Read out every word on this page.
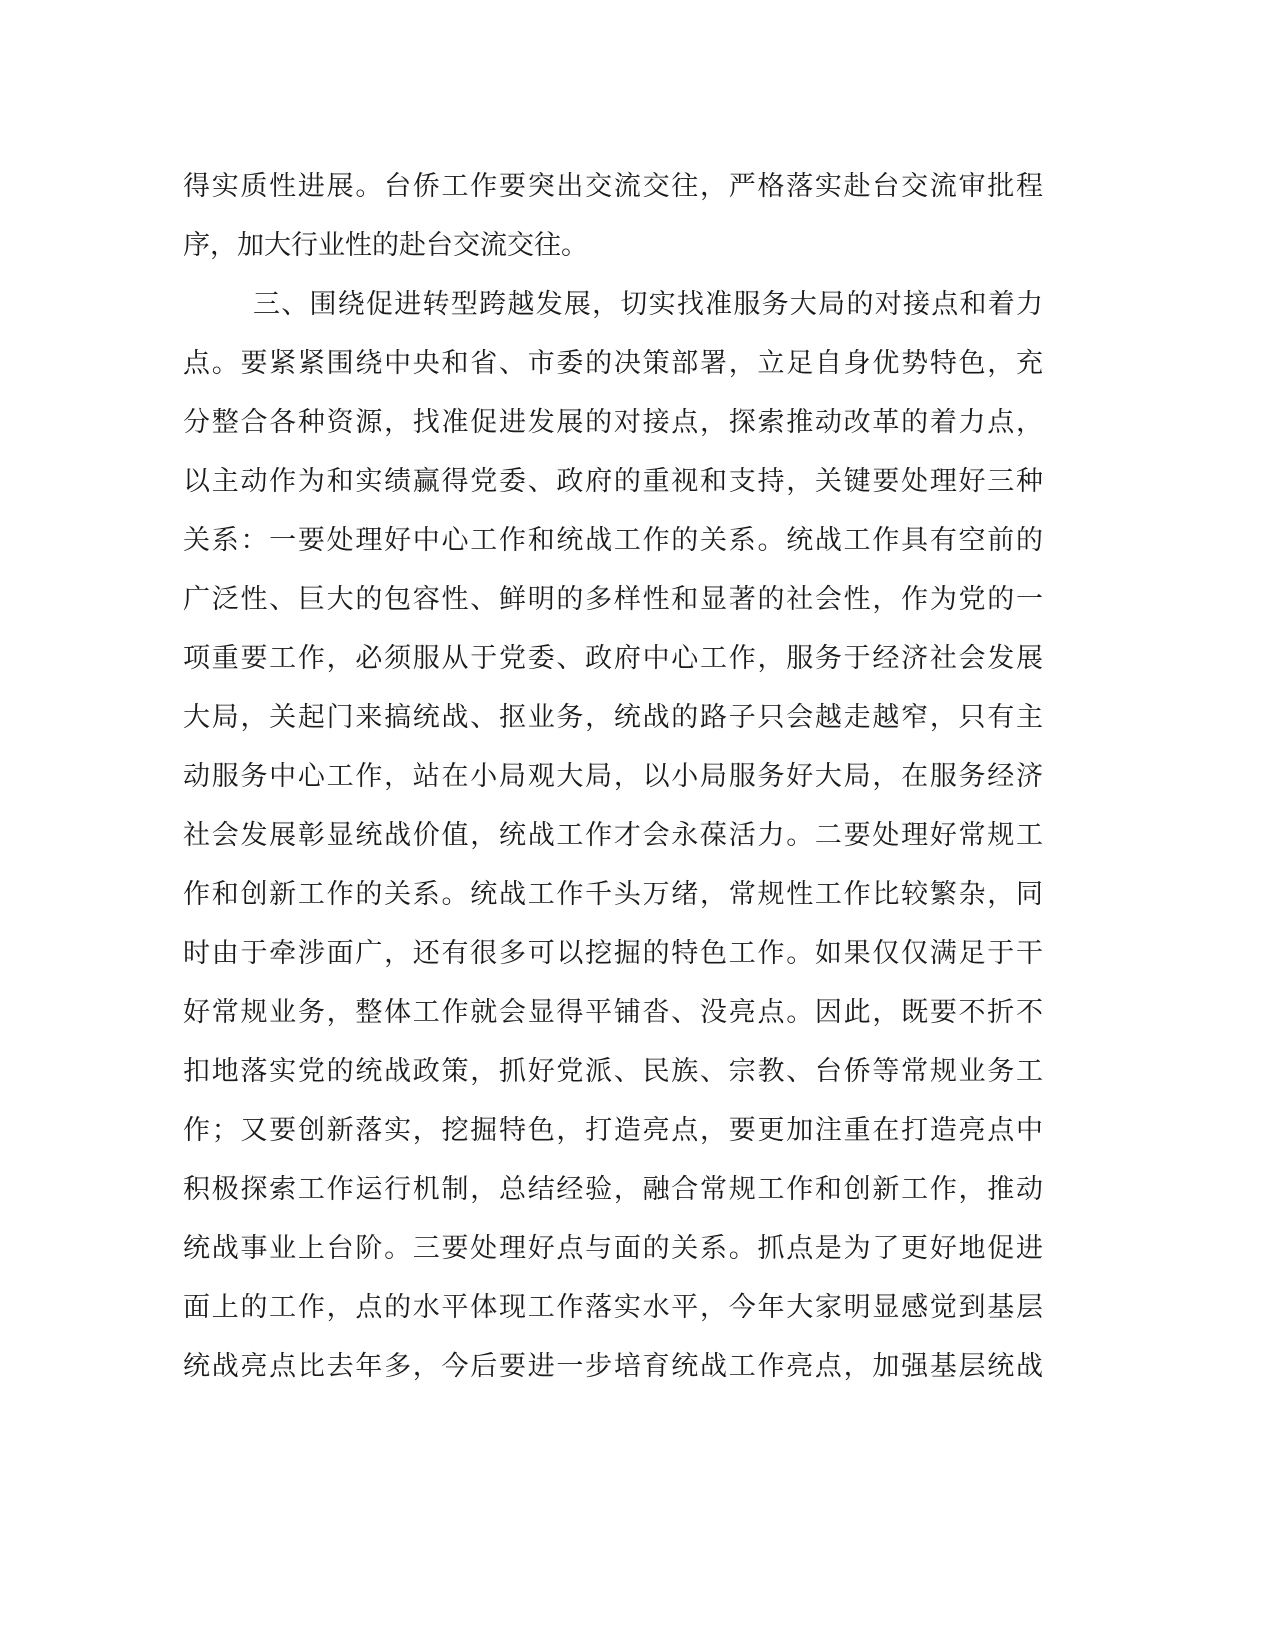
得实质性进展。台侨工作要突出交流交往，严格落实赴台交流审批程
序，加大行业性的赴台交流交往。
三、围绕促进转型跨越发展，切实找准服务大局的对接点和着力
点。要紧紧围绕中央和省、市委的决策部署，立足自身优势特色，充
分整合各种资源，找准促进发展的对接点，探索推动改革的着力点，
以主动作为和实绩赢得党委、政府的重视和支持，关键要处理好三种
关系：一要处理好中心工作和统战工作的关系。统战工作具有空前的
广泛性、巨大的包容性、鲜明的多样性和显著的社会性，作为党的一
项重要工作，必须服从于党委、政府中心工作，服务于经济社会发展
大局，关起门来搞统战、抠业务，统战的路子只会越走越窄，只有主
动服务中心工作，站在小局观大局，以小局服务好大局，在服务经济
社会发展彰显统战价值，统战工作才会永葆活力。二要处理好常规工
作和创新工作的关系。统战工作千头万绪，常规性工作比较繁杂，同
时由于牵涉面广，还有很多可以挖掘的特色工作。如果仅仅满足于干
好常规业务，整体工作就会显得平铺沓、没亮点。因此，既要不折不
扣地落实党的统战政策，抓好党派、民族、宗教、台侨等常规业务工
作；又要创新落实，挖掘特色，打造亮点，要更加注重在打造亮点中
积极探索工作运行机制，总结经验，融合常规工作和创新工作，推动
统战事业上台阶。三要处理好点与面的关系。抓点是为了更好地促进
面上的工作，点的水平体现工作落实水平，今年大家明显感觉到基层
统战亮点比去年多，今后要进一步培育统战工作亮点，加强基层统战
